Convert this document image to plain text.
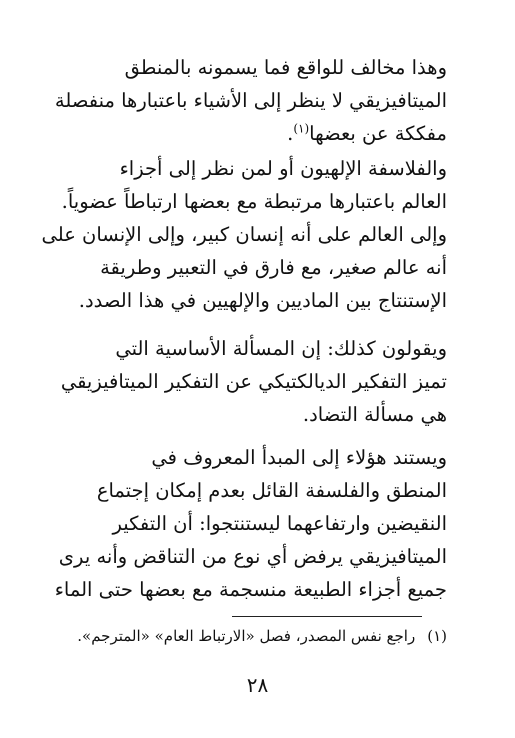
وهذا مخالف للواقع فما يسمونه بالمنطق
الميتافيزيقي لا ينظر إلى الأشياء باعتبارها منفصلة
مفككة عن بعضها$^{(١)}$.
والفلاسفة الإلهيون أو لمن نظر إلى أجزاء
العالم باعتبارها مرتبطة مع بعضها ارتباطاً عضوياً.
وإلى العالم على أنه إنسان كبير، وإلى الإنسان على
أنه عالم صغير، مع فارق في التعبير وطريقة
الإستنتاج بين الماديين والإلهيين في هذا الصدد.
ويقولون كذلك: إن المسألة الأساسية التي
تميز التفكير الديالكتيكي عن التفكير الميتافيزيقي
هي مسألة التضاد.
ويستند هؤلاء إلى المبدأ المعروف في
المنطق والفلسفة القائل بعدم إمكان إجتماع
النقيضين وارتفاعهما ليستنتجوا: أن التفكير
الميتافيزيقي يرفض أي نوع من التناقض وأنه يرى
جميع أجزاء الطبيعة منسجمة مع بعضها حتى الماء
(١)راجع نفس المصدر، فصل «الارتباط العام» «المترجم».
٢٨
